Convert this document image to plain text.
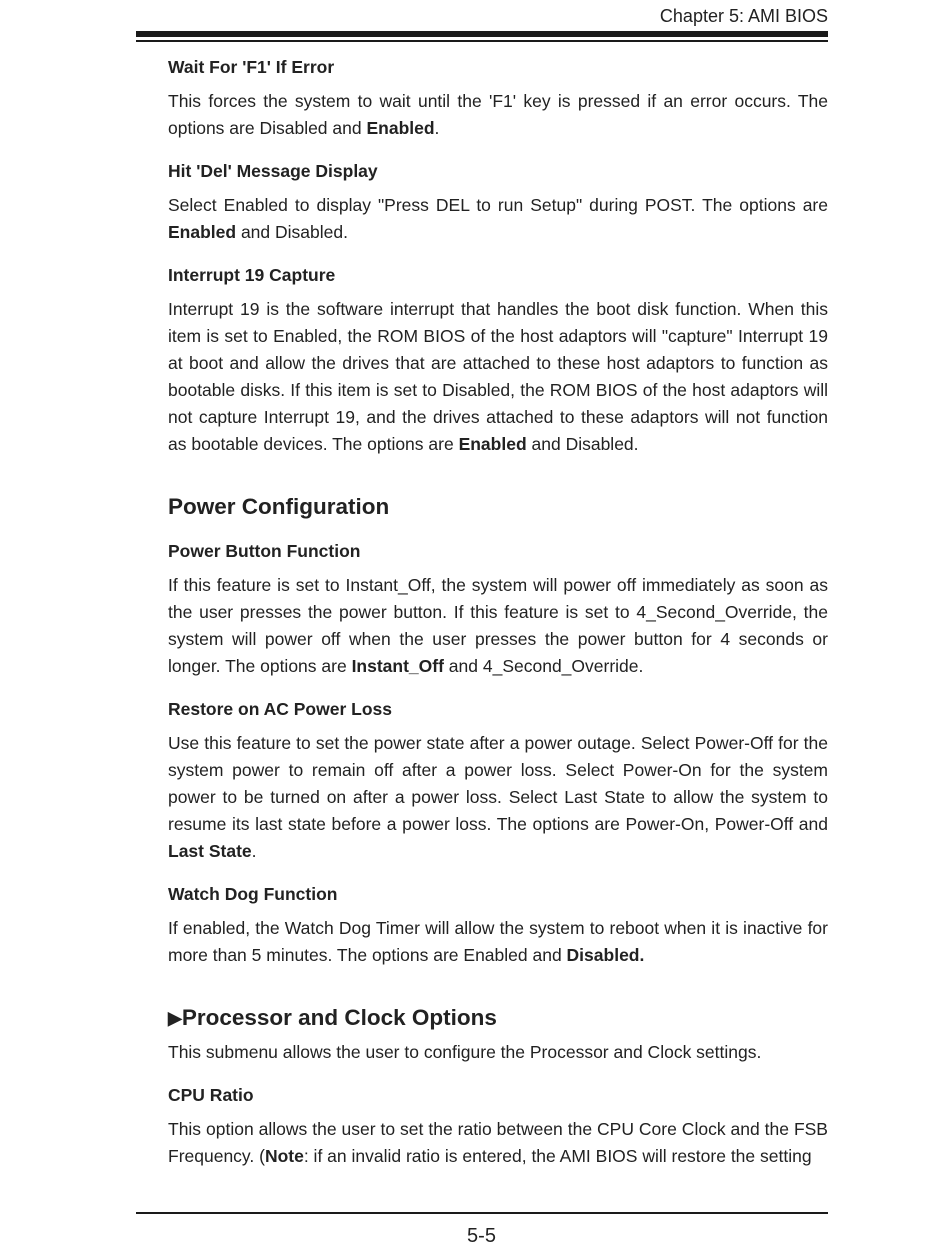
Chapter 5: AMI BIOS
Wait For 'F1' If Error

This forces the system to wait until the 'F1' key is pressed if an error occurs. The options are Disabled and Enabled.

Hit 'Del' Message Display

Select Enabled to display "Press DEL to run Setup" during POST. The options are Enabled and Disabled.

Interrupt 19 Capture

Interrupt 19 is the software interrupt that handles the boot disk function. When this item is set to Enabled, the ROM BIOS of the host adaptors will "capture" Interrupt 19 at boot and allow the drives that are attached to these host adaptors to function as bootable disks. If this item is set to Disabled, the ROM BIOS of the host adaptors will not capture Interrupt 19, and the drives attached to these adaptors will not function as bootable devices. The options are Enabled and Disabled.

Power Configuration
Power Button Function

If this feature is set to Instant_Off, the system will power off immediately as soon as the user presses the power button. If this feature is set to 4_Second_Override, the system will power off when the user presses the power button for 4 seconds or longer. The options are Instant_Off and 4_Second_Override.

Restore on AC Power Loss

Use this feature to set the power state after a power outage. Select Power-Off for the system power to remain off after a power loss. Select Power-On for the system power to be turned on after a power loss. Select Last State to allow the system to resume its last state before a power loss. The options are Power-On, Power-Off and Last State.

Watch Dog Function

If enabled, the Watch Dog Timer will allow the system to reboot when it is inactive for more than 5 minutes. The options are Enabled and Disabled.

▶Processor and Clock Options

This submenu allows the user to configure the Processor and Clock settings.

CPU Ratio

This option allows the user to set the ratio between the CPU Core Clock and the FSB Frequency. (Note: if an invalid ratio is entered, the AMI BIOS will restore the setting

5-5
